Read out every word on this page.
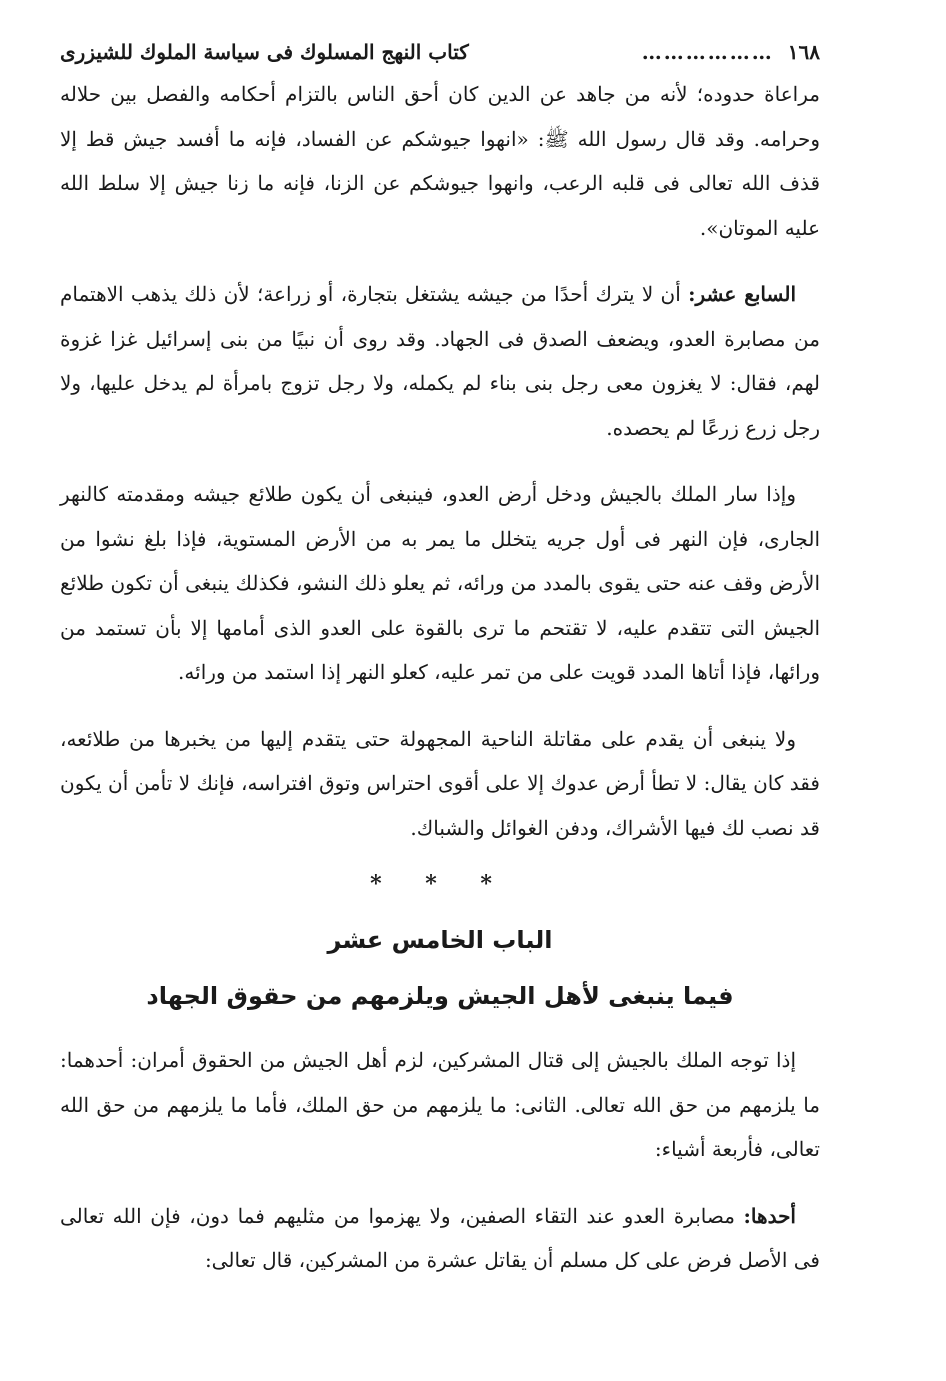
١٦٨
………………
كتاب النهج المسلوك فى سياسة الملوك للشيزرى

مراعاة حدوده؛ لأنه من جاهد عن الدين كان أحق الناس بالتزام أحكامه والفصل بين حلاله وحرامه. وقد قال رسول الله ﷺ: «انهوا جيوشكم عن الفساد، فإنه ما أفسد جيش قط إلا قذف الله تعالى فى قلبه الرعب، وانهوا جيوشكم عن الزنا، فإنه ما زنا جيش إلا سلط الله عليه الموتان».

السابع عشر: أن لا يترك أحدًا من جيشه يشتغل بتجارة، أو زراعة؛ لأن ذلك يذهب الاهتمام من مصابرة العدو، ويضعف الصدق فى الجهاد. وقد روى أن نبيًا من بنى إسرائيل غزا غزوة لهم، فقال: لا يغزون معى رجل بنى بناء لم يكمله، ولا رجل تزوج بامرأة لم يدخل عليها، ولا رجل زرع زرعًا لم يحصده.

وإذا سار الملك بالجيش ودخل أرض العدو، فينبغى أن يكون طلائع جيشه ومقدمته كالنهر الجارى، فإن النهر فى أول جريه يتخلل ما يمر به من الأرض المستوية، فإذا بلغ نشوا من الأرض وقف عنه حتى يقوى بالمدد من ورائه، ثم يعلو ذلك النشو، فكذلك ينبغى أن تكون طلائع الجيش التى تتقدم عليه، لا تقتحم ما ترى بالقوة على العدو الذى أمامها إلا بأن تستمد من ورائها، فإذا أتاها المدد قويت على من تمر عليه، كعلو النهر إذا استمد من ورائه.

ولا ينبغى أن يقدم على مقاتلة الناحية المجهولة حتى يتقدم إليها من يخبرها من طلائعه، فقد كان يقال: لا تطأ أرض عدوك إلا على أقوى احتراس وتوق افتراسه، فإنك لا تأمن أن يكون قد نصب لك فيها الأشراك، ودفن الغوائل والشباك.

* * *
الباب الخامس عشر
فيما ينبغى لأهل الجيش ويلزمهم من حقوق الجهاد

إذا توجه الملك بالجيش إلى قتال المشركين، لزم أهل الجيش من الحقوق أمران: أحدهما: ما يلزمهم من حق الله تعالى. الثانى: ما يلزمهم من حق الملك، فأما ما يلزمهم من حق الله تعالى، فأربعة أشياء:

أحدها: مصابرة العدو عند التقاء الصفين، ولا يهزموا من مثليهم فما دون، فإن الله تعالى فى الأصل فرض على كل مسلم أن يقاتل عشرة من المشركين، قال تعالى:
